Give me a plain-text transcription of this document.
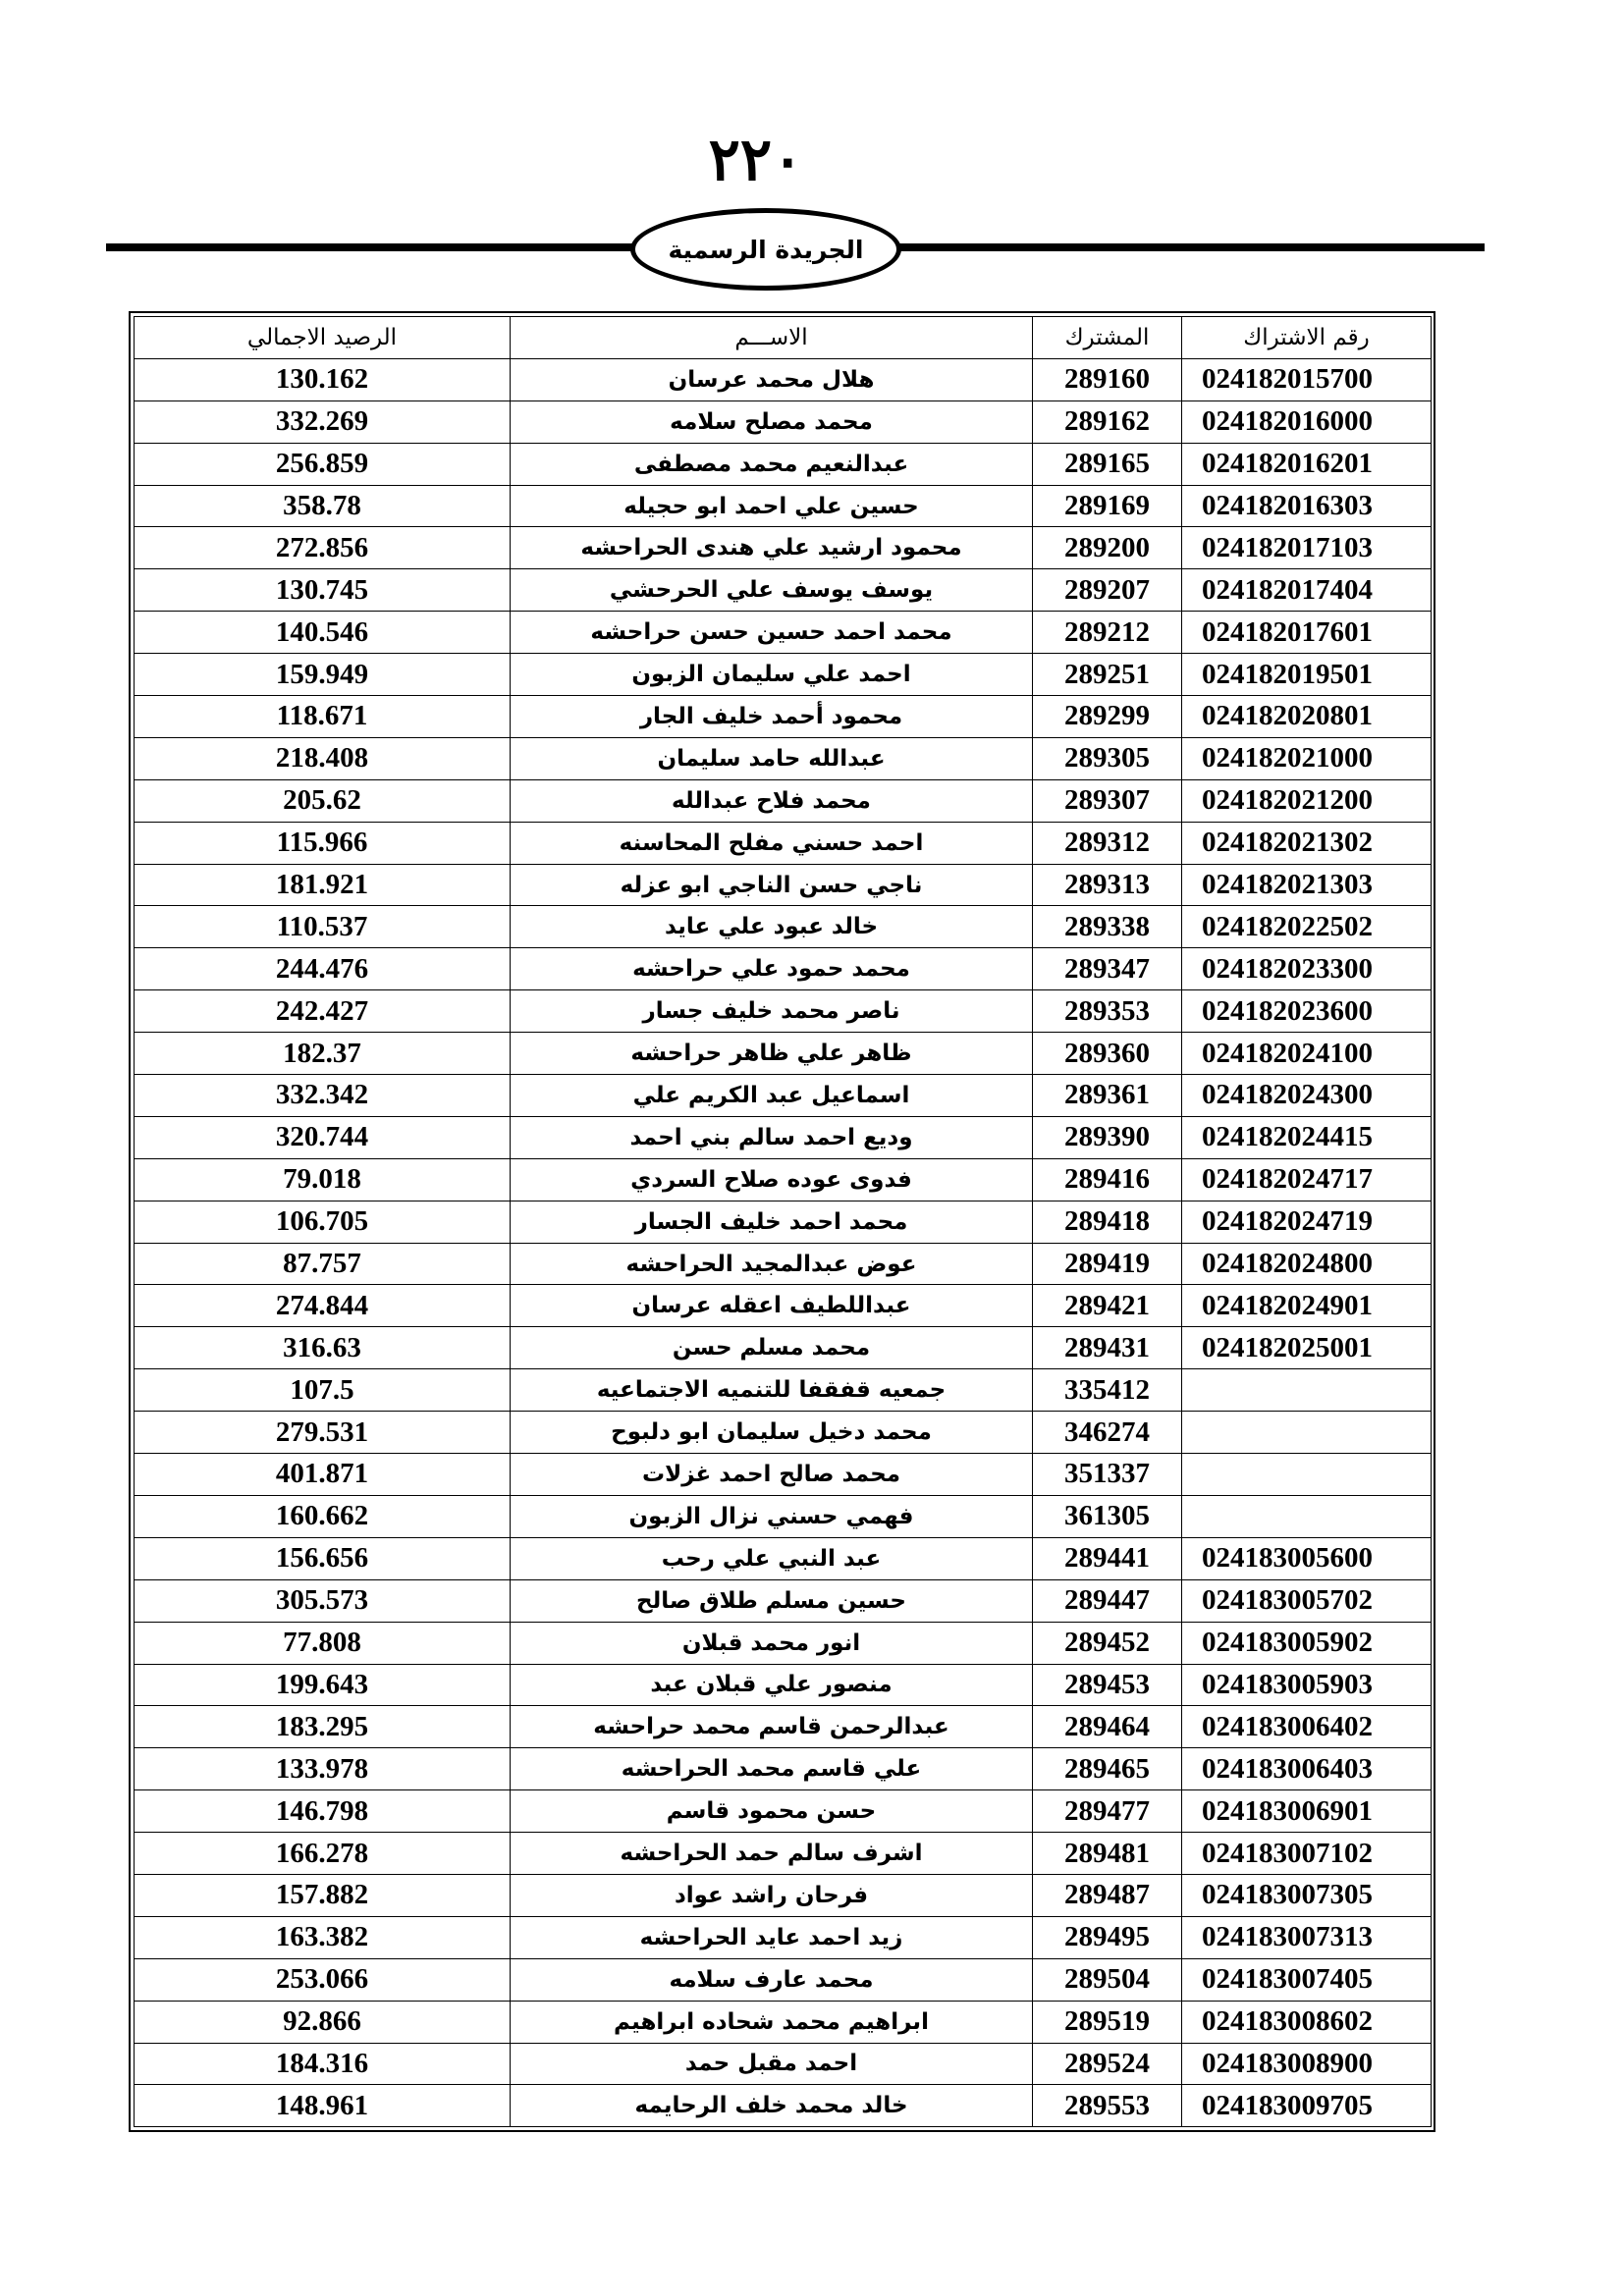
٢٢٠
الجريدة الرسمية
رقم الاشتراك	المشترك	الاســـم	الرصيد الاجمالي
024182015700	289160	هلال محمد عرسان	130.162
024182016000	289162	محمد مصلح سلامه	332.269
024182016201	289165	عبدالنعيم محمد مصطفى	256.859
024182016303	289169	حسين علي احمد ابو حجيله	358.78
024182017103	289200	محمود ارشيد علي هندى الحراحشه	272.856
024182017404	289207	يوسف يوسف علي الحرحشي	130.745
024182017601	289212	محمد احمد حسين حسن حراحشه	140.546
024182019501	289251	احمد علي سليمان الزبون	159.949
024182020801	289299	محمود أحمد خليف الجار	118.671
024182021000	289305	عبدالله حامد سليمان	218.408
024182021200	289307	محمد فلاح عبدالله	205.62
024182021302	289312	احمد حسني مفلح المحاسنه	115.966
024182021303	289313	ناجي حسن الناجي ابو عزله	181.921
024182022502	289338	خالد عبود علي عايد	110.537
024182023300	289347	محمد حمود علي حراحشه	244.476
024182023600	289353	ناصر محمد خليف جسار	242.427
024182024100	289360	ظاهر علي ظاهر حراحشه	182.37
024182024300	289361	اسماعيل عبد الكريم علي	332.342
024182024415	289390	وديع احمد سالم بني احمد	320.744
024182024717	289416	فدوى عوده صلاح السردي	79.018
024182024719	289418	محمد احمد خليف الجسار	106.705
024182024800	289419	عوض عبدالمجيد الحراحشه	87.757
024182024901	289421	عبداللطيف اعقله عرسان	274.844
024182025001	289431	محمد مسلم حسن	316.63
	335412	جمعيه قفقفا للتنميه الاجتماعيه	107.5
	346274	محمد دخيل سليمان ابو دلبوح	279.531
	351337	محمد صالح احمد غزلات	401.871
	361305	فهمي حسني نزال الزبون	160.662
024183005600	289441	عبد النبي علي رحب	156.656
024183005702	289447	حسين مسلم طلاق صالح	305.573
024183005902	289452	انور محمد قبلان	77.808
024183005903	289453	منصور علي قبلان عبد	199.643
024183006402	289464	عبدالرحمن قاسم محمد حراحشه	183.295
024183006403	289465	علي قاسم محمد الحراحشه	133.978
024183006901	289477	حسن محمود قاسم	146.798
024183007102	289481	اشرف سالم حمد الحراحشه	166.278
024183007305	289487	فرحان راشد عواد	157.882
024183007313	289495	زيد احمد عايد الحراحشه	163.382
024183007405	289504	محمد عارف سلامه	253.066
024183008602	289519	ابراهيم محمد شحاده ابراهيم	92.866
024183008900	289524	احمد مقبل حمد	184.316
024183009705	289553	خالد محمد خلف الرحايمه	148.961
